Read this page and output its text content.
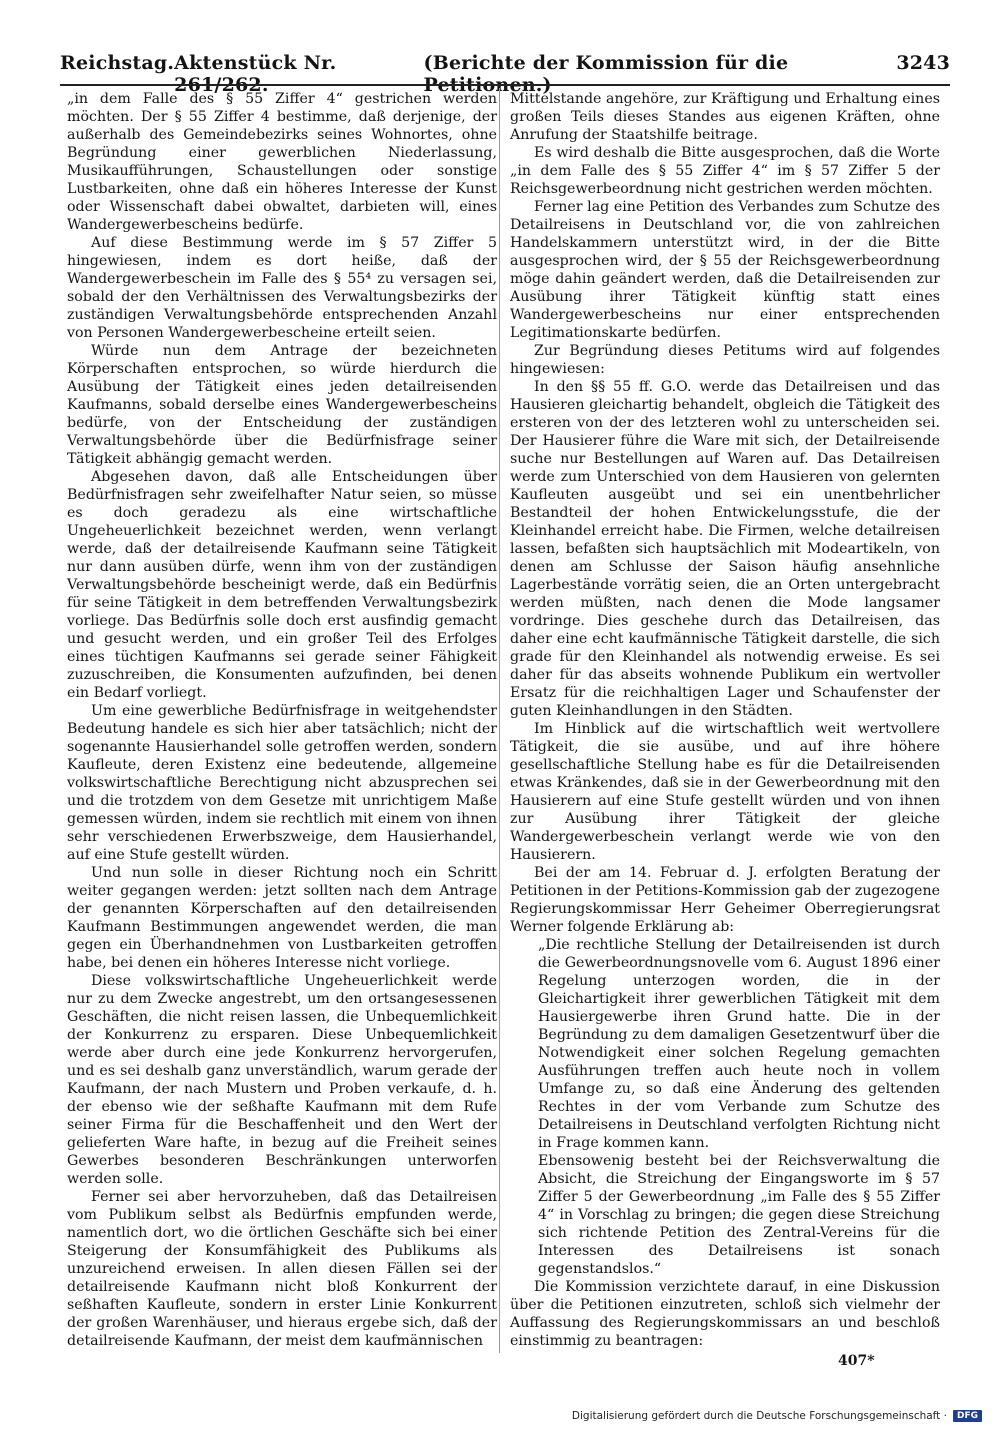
Reichstag. Aktenstück Nr. 261/262.
(Berichte der Kommission für die Petitionen.)
3243

„in dem Falle des § 55 Ziffer 4“ gestrichen werden möchten. Der § 55 Ziffer 4 bestimme, daß derjenige, der außerhalb des Gemeindebezirks seines Wohnortes, ohne Begründung einer gewerblichen Niederlassung, Musikaufführungen, Schaustellungen oder sonstige Lustbarkeiten, ohne daß ein höheres Interesse der Kunst oder Wissenschaft dabei obwaltet, darbieten will, eines Wandergewerbescheins bedürfe.

Auf diese Bestimmung werde im § 57 Ziffer 5 hingewiesen, indem es dort heiße, daß der Wandergewerbeschein im Falle des § 55⁴ zu versagen sei, sobald der den Verhältnissen des Verwaltungsbezirks der zuständigen Verwaltungsbehörde entsprechenden Anzahl von Personen Wandergewerbescheine erteilt seien.

Würde nun dem Antrage der bezeichneten Körperschaften entsprochen, so würde hierdurch die Ausübung der Tätigkeit eines jeden detailreisenden Kaufmanns, sobald derselbe eines Wandergewerbescheins bedürfe, von der Entscheidung der zuständigen Verwaltungsbehörde über die Bedürfnisfrage seiner Tätigkeit abhängig gemacht werden.

Abgesehen davon, daß alle Entscheidungen über Bedürfnisfragen sehr zweifelhafter Natur seien, so müsse es doch geradezu als eine wirtschaftliche Ungeheuerlichkeit bezeichnet werden, wenn verlangt werde, daß der detailreisende Kaufmann seine Tätigkeit nur dann ausüben dürfe, wenn ihm von der zuständigen Verwaltungsbehörde bescheinigt werde, daß ein Bedürfnis für seine Tätigkeit in dem betreffenden Verwaltungsbezirk vorliege. Das Bedürfnis solle doch erst ausfindig gemacht und gesucht werden, und ein großer Teil des Erfolges eines tüchtigen Kaufmanns sei gerade seiner Fähigkeit zuzuschreiben, die Konsumenten aufzufinden, bei denen ein Bedarf vorliegt.

Um eine gewerbliche Bedürfnisfrage in weitgehendster Bedeutung handele es sich hier aber tatsächlich; nicht der sogenannte Hausierhandel solle getroffen werden, sondern Kaufleute, deren Existenz eine bedeutende, allgemeine volkswirtschaftliche Berechtigung nicht abzusprechen sei und die trotzdem von dem Gesetze mit unrichtigem Maße gemessen würden, indem sie rechtlich mit einem von ihnen sehr verschiedenen Erwerbszweige, dem Hausierhandel, auf eine Stufe gestellt würden.

Und nun solle in dieser Richtung noch ein Schritt weiter gegangen werden: jetzt sollten nach dem Antrage der genannten Körperschaften auf den detailreisenden Kaufmann Bestimmungen angewendet werden, die man gegen ein Überhandnehmen von Lustbarkeiten getroffen habe, bei denen ein höheres Interesse nicht vorliege.

Diese volkswirtschaftliche Ungeheuerlichkeit werde nur zu dem Zwecke angestrebt, um den ortsangesessenen Geschäften, die nicht reisen lassen, die Unbequemlichkeit der Konkurrenz zu ersparen. Diese Unbequemlichkeit werde aber durch eine jede Konkurrenz hervorgerufen, und es sei deshalb ganz unverständlich, warum gerade der Kaufmann, der nach Mustern und Proben verkaufe, d. h. der ebenso wie der seßhafte Kaufmann mit dem Rufe seiner Firma für die Beschaffenheit und den Wert der gelieferten Ware hafte, in bezug auf die Freiheit seines Gewerbes besonderen Beschränkungen unterworfen werden solle.

Ferner sei aber hervorzuheben, daß das Detailreisen vom Publikum selbst als Bedürfnis empfunden werde, namentlich dort, wo die örtlichen Geschäfte sich bei einer Steigerung der Konsumfähigkeit des Publikums als unzureichend erweisen. In allen diesen Fällen sei der detailreisende Kaufmann nicht bloß Konkurrent der seßhaften Kaufleute, sondern in erster Linie Konkurrent der großen Warenhäuser, und hieraus ergebe sich, daß der detailreisende Kaufmann, der meist dem kaufmännischen

Mittelstande angehöre, zur Kräftigung und Erhaltung eines großen Teils dieses Standes aus eigenen Kräften, ohne Anrufung der Staatshilfe beitrage.

Es wird deshalb die Bitte ausgesprochen, daß die Worte „in dem Falle des § 55 Ziffer 4“ im § 57 Ziffer 5 der Reichsgewerbeordnung nicht gestrichen werden möchten.

Ferner lag eine Petition des Verbandes zum Schutze des Detailreisens in Deutschland vor, die von zahlreichen Handelskammern unterstützt wird, in der die Bitte ausgesprochen wird, der § 55 der Reichsgewerbeordnung möge dahin geändert werden, daß die Detailreisenden zur Ausübung ihrer Tätigkeit künftig statt eines Wandergewerbescheins nur einer entsprechenden Legitimationskarte bedürfen.

Zur Begründung dieses Petitums wird auf folgendes hingewiesen:

In den §§ 55 ff. G.O. werde das Detailreisen und das Hausieren gleichartig behandelt, obgleich die Tätigkeit des ersteren von der des letzteren wohl zu unterscheiden sei. Der Hausierer führe die Ware mit sich, der Detailreisende suche nur Bestellungen auf Waren auf. Das Detailreisen werde zum Unterschied von dem Hausieren von gelernten Kaufleuten ausgeübt und sei ein unentbehrlicher Bestandteil der hohen Entwickelungsstufe, die der Kleinhandel erreicht habe. Die Firmen, welche detailreisen lassen, befaßten sich hauptsächlich mit Modeartikeln, von denen am Schlusse der Saison häufig ansehnliche Lagerbestände vorrätig seien, die an Orten untergebracht werden müßten, nach denen die Mode langsamer vordringe. Dies geschehe durch das Detailreisen, das daher eine echt kaufmännische Tätigkeit darstelle, die sich grade für den Kleinhandel als notwendig erweise. Es sei daher für das abseits wohnende Publikum ein wertvoller Ersatz für die reichhaltigen Lager und Schaufenster der guten Kleinhandlungen in den Städten.

Im Hinblick auf die wirtschaftlich weit wertvollere Tätigkeit, die sie ausübe, und auf ihre höhere gesellschaftliche Stellung habe es für die Detailreisenden etwas Kränkendes, daß sie in der Gewerbeordnung mit den Hausierern auf eine Stufe gestellt würden und von ihnen zur Ausübung ihrer Tätigkeit der gleiche Wandergewerbeschein verlangt werde wie von den Hausierern.

Bei der am 14. Februar d. J. erfolgten Beratung der Petitionen in der Petitions-Kommission gab der zugezogene Regierungskommissar Herr Geheimer Oberregierungsrat Werner folgende Erklärung ab:

„Die rechtliche Stellung der Detailreisenden ist durch die Gewerbeordnungsnovelle vom 6. August 1896 einer Regelung unterzogen worden, die in der Gleichartigkeit ihrer gewerblichen Tätigkeit mit dem Hausiergewerbe ihren Grund hatte. Die in der Begründung zu dem damaligen Gesetzentwurf über die Notwendigkeit einer solchen Regelung gemachten Ausführungen treffen auch heute noch in vollem Umfange zu, so daß eine Änderung des geltenden Rechtes in der vom Verbande zum Schutze des Detailreisens in Deutschland verfolgten Richtung nicht in Frage kommen kann.

Ebensowenig besteht bei der Reichsverwaltung die Absicht, die Streichung der Eingangsworte im § 57 Ziffer 5 der Gewerbeordnung „im Falle des § 55 Ziffer 4“ in Vorschlag zu bringen; die gegen diese Streichung sich richtende Petition des Zentral-Vereins für die Interessen des Detailreisens ist sonach gegenstandslos.“

Die Kommission verzichtete darauf, in eine Diskussion über die Petitionen einzutreten, schloß sich vielmehr der Auffassung des Regierungskommissars an und beschloß einstimmig zu beantragen:

407*
Digitalisierung gefördert durch die Deutsche Forschungsgemeinschaft ·	DFG
